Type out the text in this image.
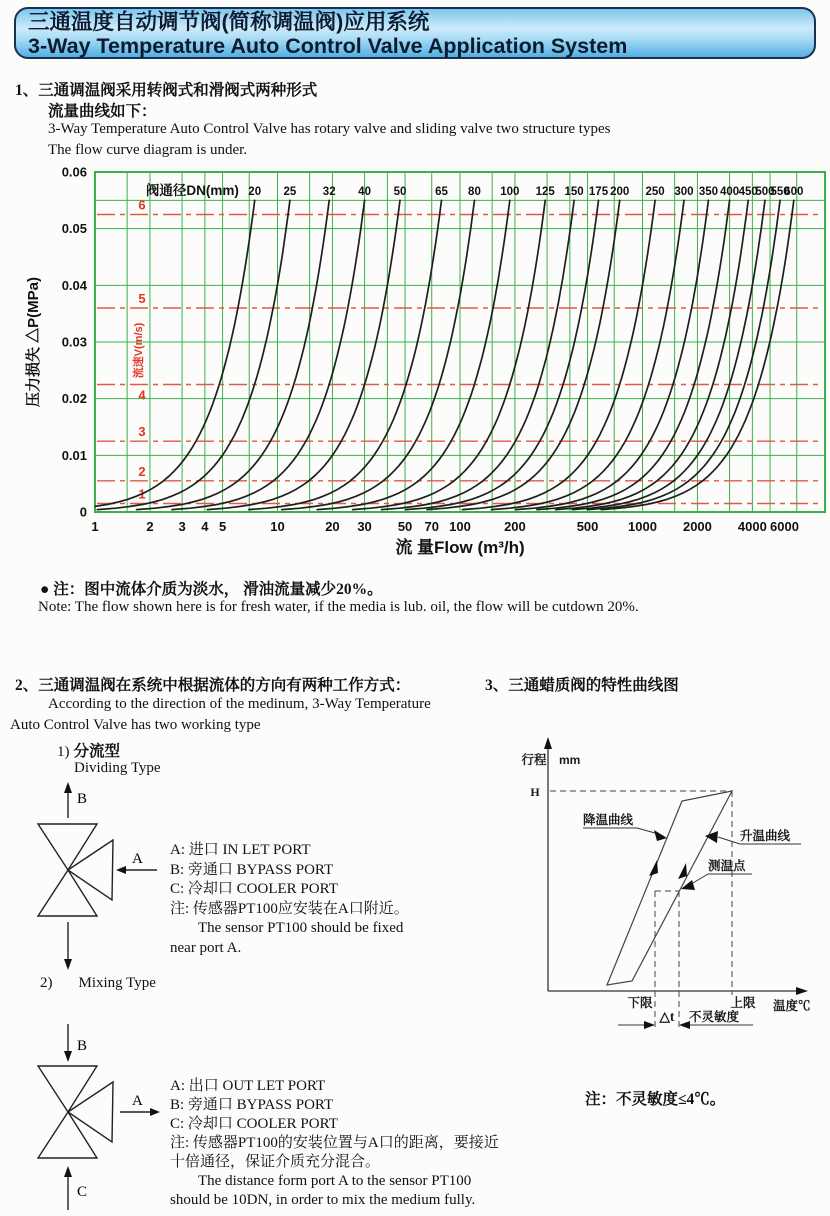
三通温度自动调节阀(简称调温阀)应用系统
3-Way Temperature Auto Control Valve Application System
1、三通调温阀采用转阀式和滑阀式两种形式
流量曲线如下：
3-Way Temperature Auto Control Valve has rotary valve and sliding valve two structure types
The flow curve diagram is under.
1
2
3
4
5
6
流速V(m/s)
20 25 32 40 50 65 80 100 125 150 175 200 250 300 350 400 450
500
550
600
阀通径DN(mm)
1	2 3 4 5	10	20 30 50 70 100	200	500 1000 2000 4000 6000
0
0.01
0.02
0.03
0.04
0.05
0.06
流 量Flow (m³/h)
压力损失 △P(MPa)
● 注：图中流体介质为淡水， 滑油流量减少20%。
Note: The flow shown here is for fresh water, if the media is lub. oil, the flow will be cutdown 20%.
2、三通调温阀在系统中根据流体的方向有两种工作方式：
According to the direction of the medinum, 3-Way Temperature
Auto Control Valve has two working type
1) 分流型
Dividing Type
3、三通蜡质阀的特性曲线图
B
A
A: 进口 IN LET PORT
B: 旁通口 BYPASS PORT
C: 冷却口 COOLER PORT
注: 传感器PT100应安装在A口附近。
The sensor PT100 should be fixed
near port A.
2) Mixing Type
B
A
C
A: 出口 OUT LET PORT
B: 旁通口 BYPASS PORT
C: 冷却口 COOLER PORT
注: 传感器PT100的安装位置与A口的距离，要接近
十倍通径，保证介质充分混合。
The distance form port A to the sensor PT100
should be 10DN, in order to mix the medium fully.
行程 mm
H
降温曲线
升温曲线
测温点
下限	上限 温度℃
△t 不灵敏度
注：不灵敏度≤4℃。
